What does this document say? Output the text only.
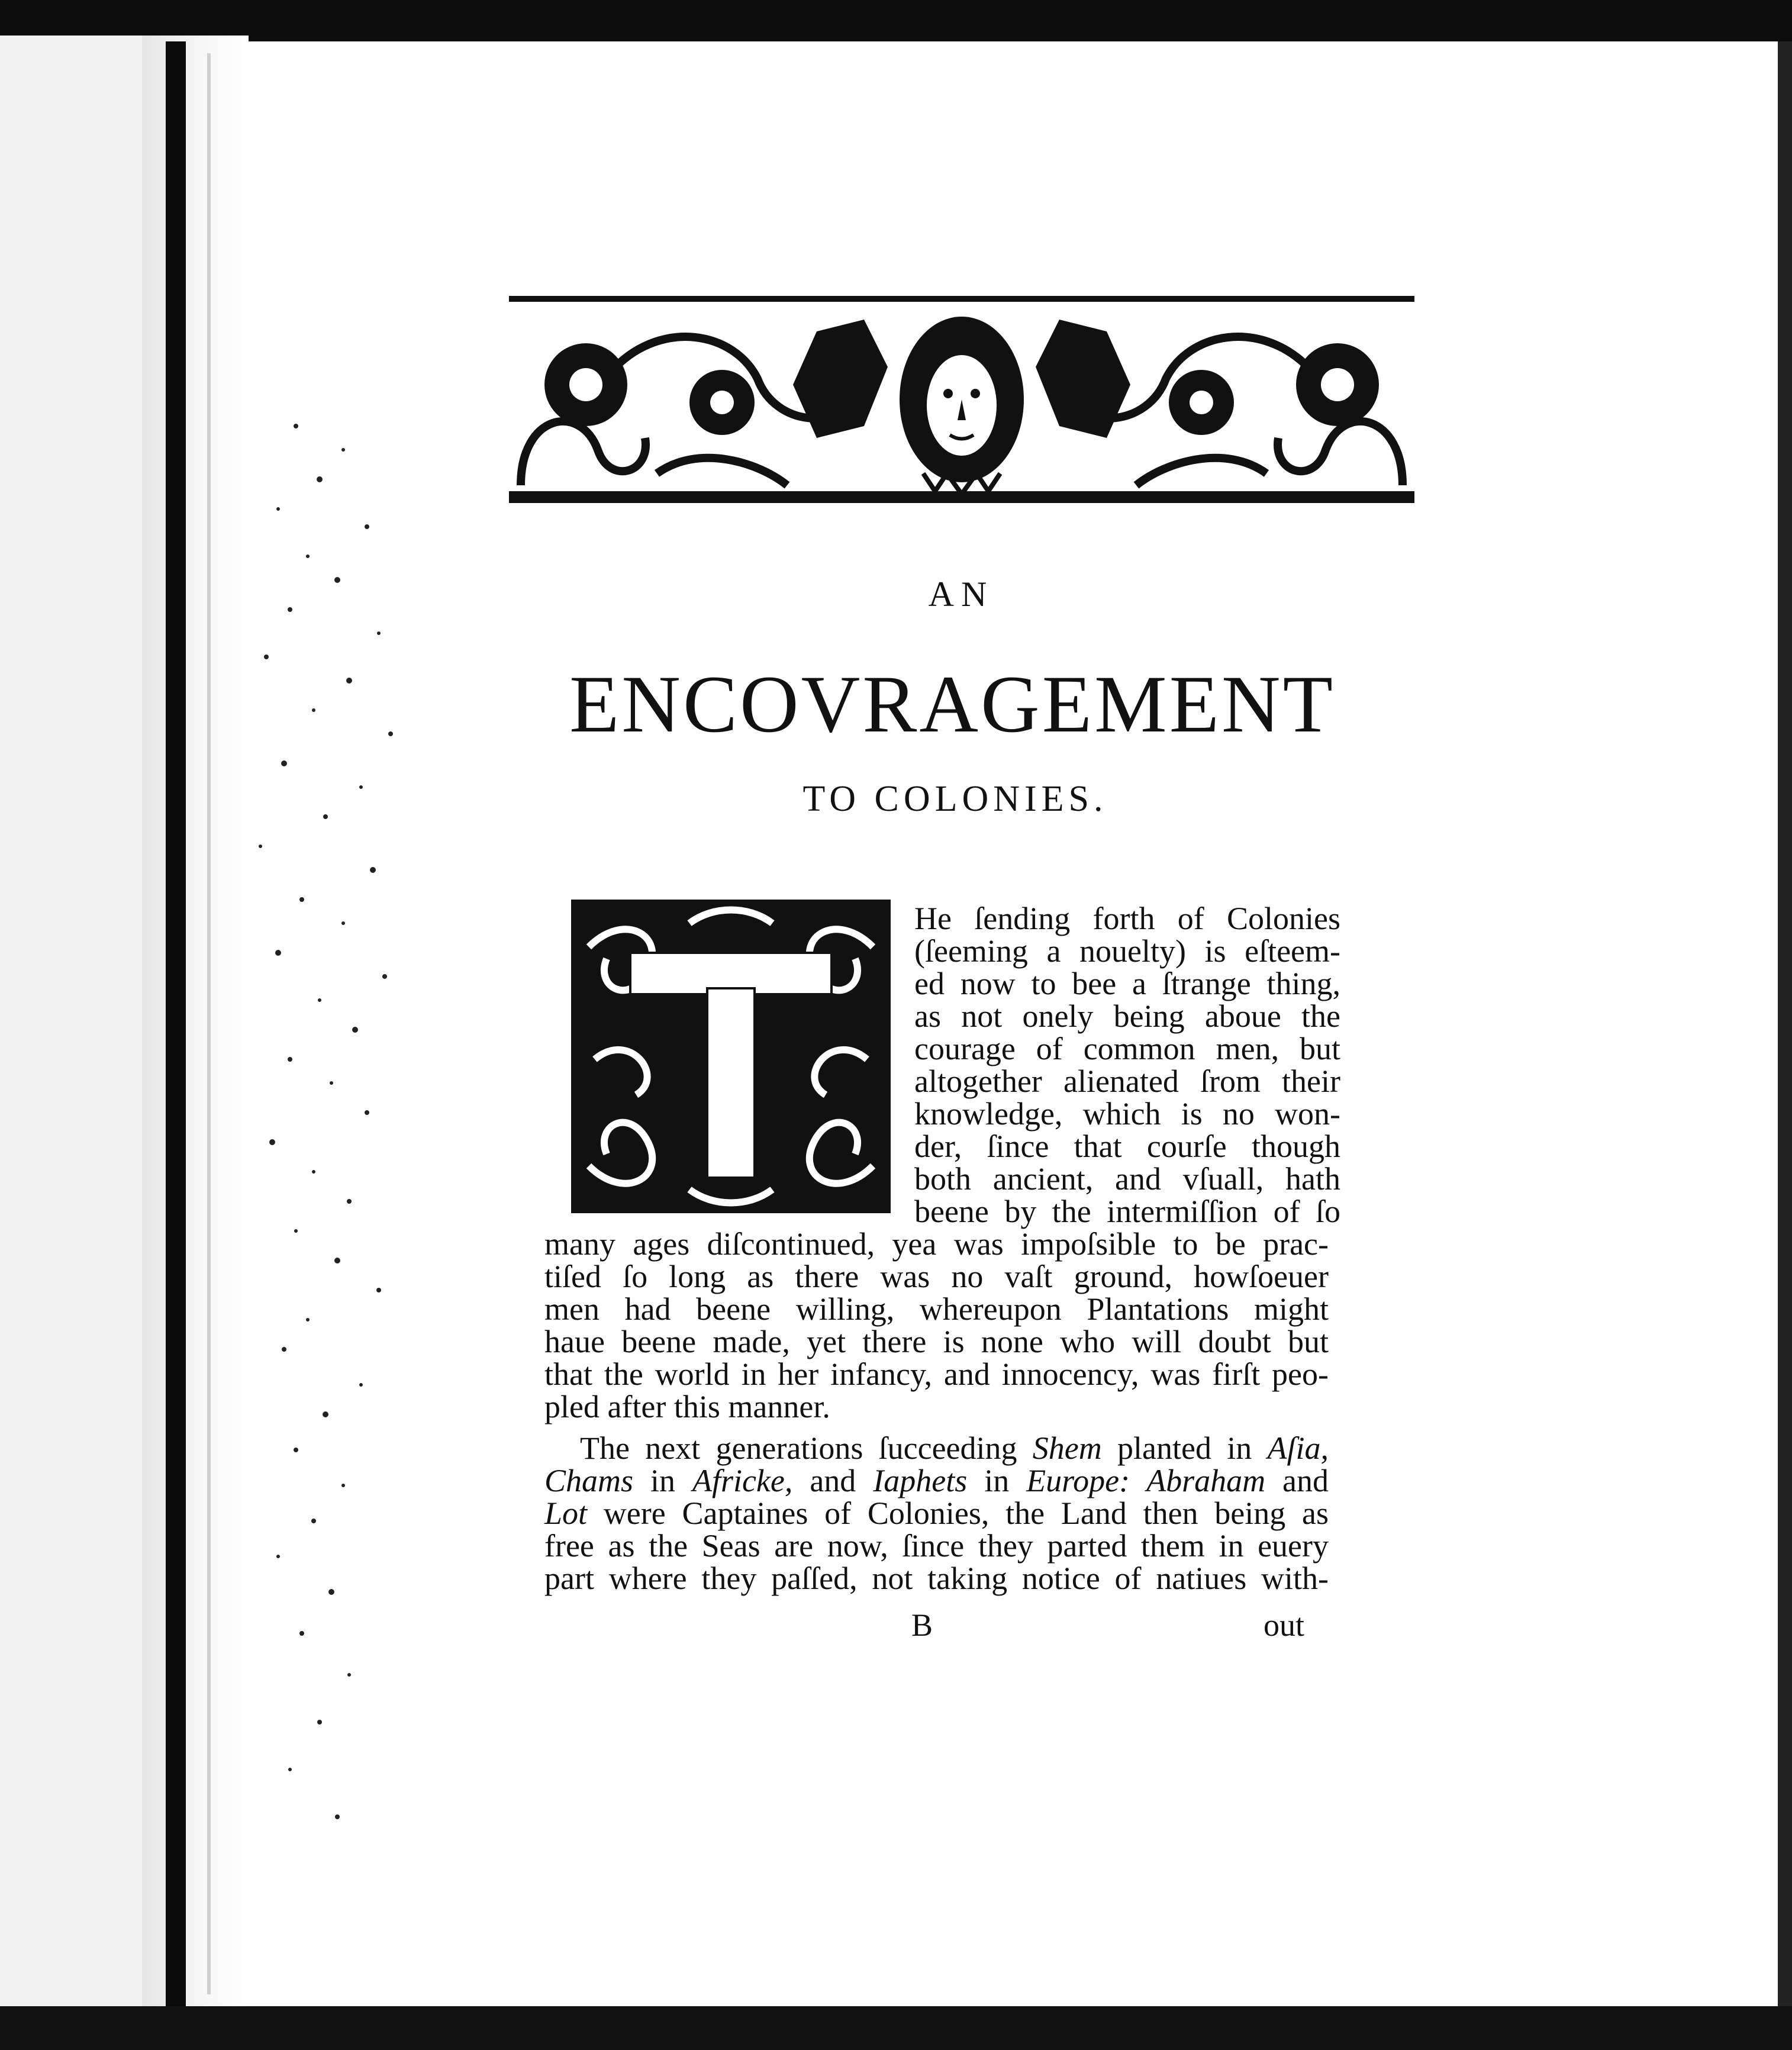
AN
ENCOVRAGEMENT
TO COLONIES.
T
He ſending forth of Colonies
(ſeeming a nouelty) is eſteem-
ed now to bee a ſtrange thing,
as not onely being aboue the
courage of common men, but
altogether alienated ſrom their
knowledge, which is no won-
der, ſince that courſe though
both ancient, and vſuall, hath
beene by the intermiſſion of ſo
many ages diſcontinued, yea was impoſsible to be prac-
tiſed ſo long as there was no vaſt ground, howſoeuer
men had beene willing, whereupon Plantations might
haue beene made, yet there is none who will doubt but
that the world in her infancy, and innocency, was firſt peo-
pled after this manner.
The next generations ſucceeding Shem planted in Aſia,
Chams in Africke, and Iaphets in Europe: Abraham and
Lot were Captaines of Colonies, the Land then being as
free as the Seas are now, ſince they parted them in euery
part where they paſſed, not taking notice of natiues with-
B	out
